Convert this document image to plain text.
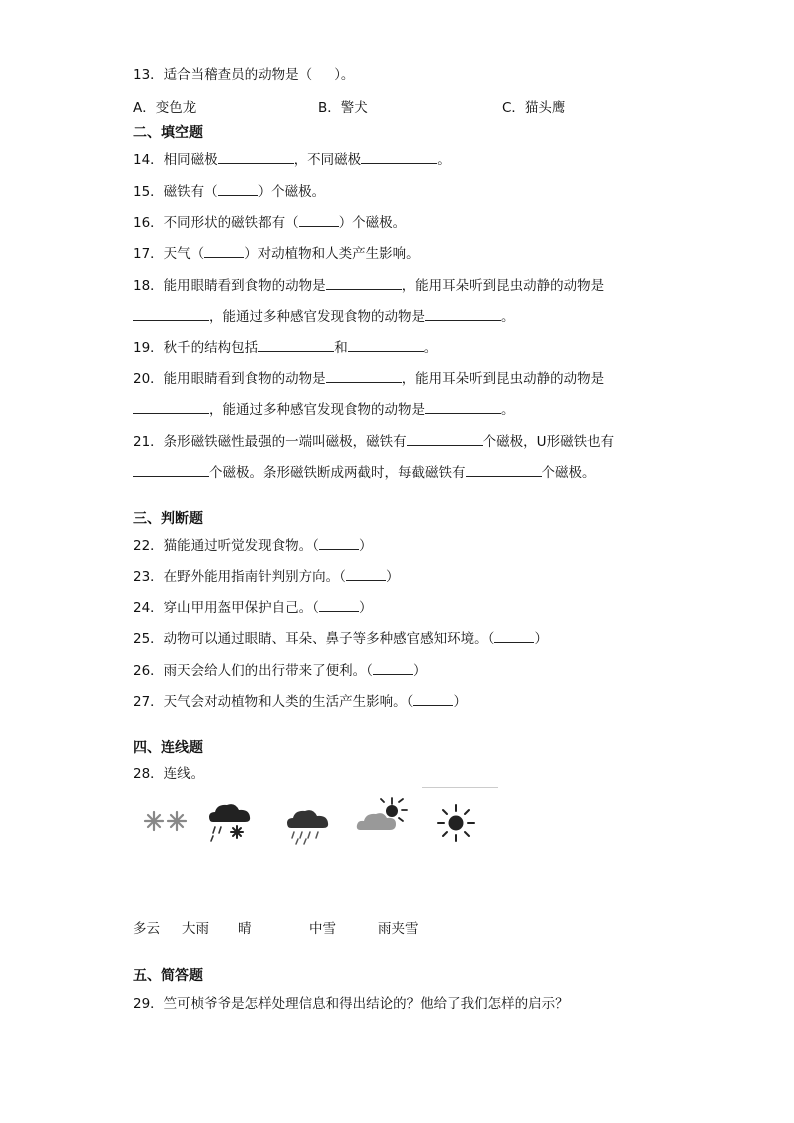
13．适合当稽查员的动物是（ ）。
A．变色龙	B．警犬	C．猫头鹰
二、填空题
14．相同磁极	，不同磁极	。
15．磁铁有（	）个磁极。
16．不同形状的磁铁都有（	）个磁极。
17．天气（	）对动植物和人类产生影响。
18．能用眼睛看到食物的动物是	，能用耳朵听到昆虫动静的动物是
，能通过多种感官发现食物的动物是	。
19．秋千的结构包括	和	。
20．能用眼睛看到食物的动物是	，能用耳朵听到昆虫动静的动物是
，能通过多种感官发现食物的动物是	。
21．条形磁铁磁性最强的一端叫磁极，磁铁有	个磁极，U形磁铁也有
个磁极。条形磁铁断成两截时，每截磁铁有	个磁极。
三、判断题
22．猫能通过听觉发现食物。（	）
23．在野外能用指南针判别方向。（	）
24．穿山甲用盔甲保护自己。（	）
25．动物可以通过眼睛、耳朵、鼻子等多种感官感知环境。（	）
26．雨天会给人们的出行带来了便利。（	）
27．天气会对动植物和人类的生活产生影响。（	）
四、连线题
28．连线。
多云 大雨 晴	中雪	雨夹雪
五、简答题
29．竺可桢爷爷是怎样处理信息和得出结论的？他给了我们怎样的启示？
